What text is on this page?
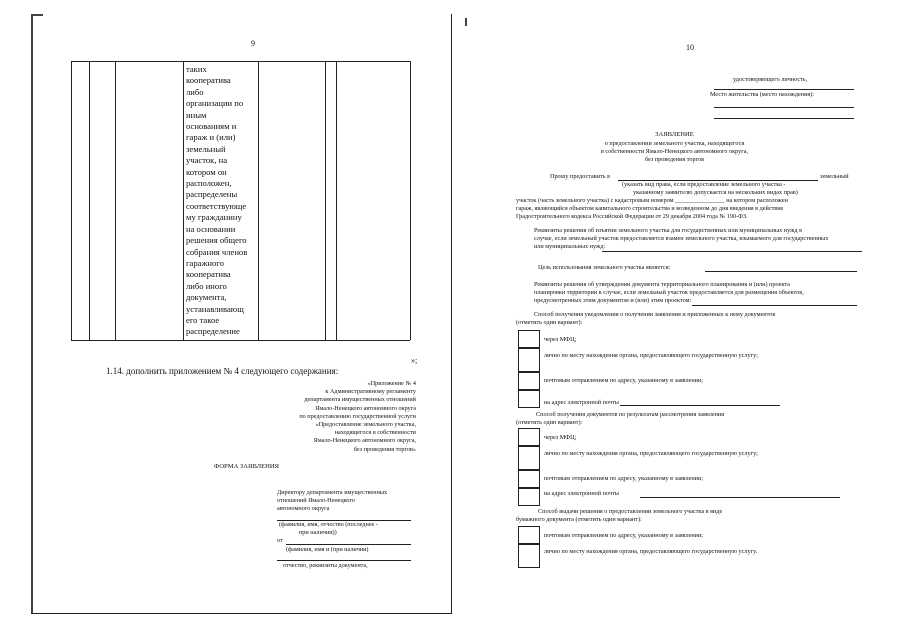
9
таких
кооператива
либо
организации по
иным
основаниям и
гараж и (или)
земельный
участок, на
котором он
расположен,
распределены
соответствующе
му гражданину
на основании
решения общего
собрания членов
гаражного
кооператива
либо иного
документа,
устанавливающ
его такое
распределение
»;
1.14. дополнить приложением № 4 следующего содержания:
«Приложение № 4
к Административному регламенту
департамента имущественных отношений
Ямало-Ненецкого автономного округа
по предоставлению государственной услуги
«Предоставление земельного участка,
находящегося в собственности
Ямало-Ненецкого автономного округа,
без проведения торгов»
ФОРМА ЗАЯВЛЕНИЯ
Директору департамента имущественных
отношений Ямало-Ненецкого
автономного округа
(фамилия, имя, отчество (последнее -
при наличии))
от
(фамилия, имя и (при наличии)
отчество, реквизиты документа,
10
удостоверяющего личность,
Место жительства (место нахождения):
ЗАЯВЛЕНИЕ
о предоставлении земельного участка, находящегося
в собственности Ямало-Ненецкого автономного округа,
без проведения торгов
Прошу предоставить в	земельный
(указать вид права, если предоставление земельного участка -
указанному заявителю допускается на нескольких видах прав)
участок (часть земельного участка) с кадастровым номером ________________ на котором расположен
гараж, являющийся объектом капитального строительства и возведенном до дня введения в действие
Градостроительного кодекса Российской Федерации от 29 декабря 2004 года № 190-ФЗ.
Реквизиты решения об изъятии земельного участка для государственных или муниципальных нужд в
случае, если земельный участок предоставляется взамен земельного участка, изымаемого для государственных
или муниципальных нужд:
Цель использования земельного участка является:
Реквизиты решения об утверждении документа территориального планирования и (или) проекта
планировки территории в случае, если земельный участок предоставляется для размещения объектов,
предусмотренных этим документом и (или) этим проектом:
Способ получения уведомления о получении заявления и приложенных к нему документов
(отметить один вариант):
через МФЦ;
лично по месту нахождения органа, предоставляющего государственную услугу;
почтовым отправлением по адресу, указанному в заявлении;
на адрес электронной почты
Способ получения документов по результатам рассмотрения заявления
(отметить один вариант):
через МФЦ;
лично по месту нахождения органа, предоставляющего государственную услугу;
почтовым отправлением по адресу, указанному в заявлении;
на адрес электронной почты
Способ выдачи решения о предоставлении земельного участка в виде
бумажного документа (отметить один вариант):
почтовым отправлением по адресу, указанному в заявлении;
лично по месту нахождения органа, предоставляющего государственную услугу.
